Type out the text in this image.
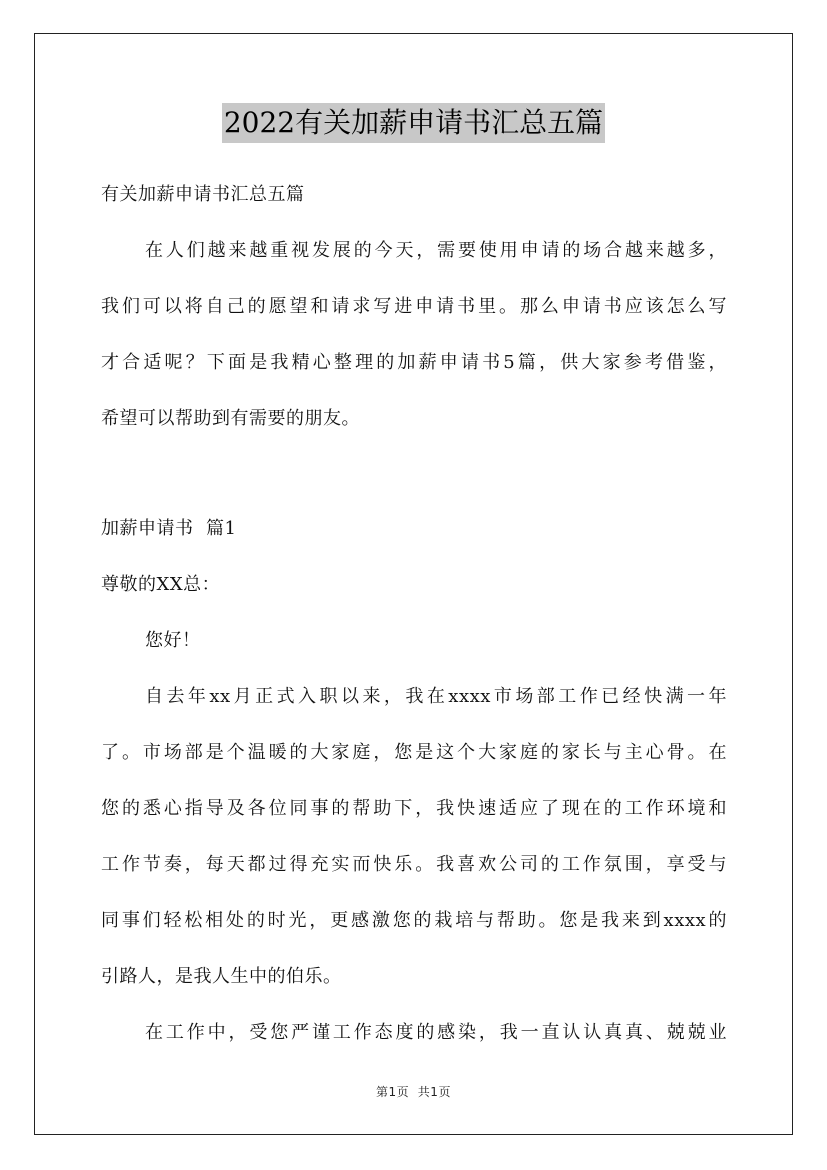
2022有关加薪申请书汇总五篇
有关加薪申请书汇总五篇
在人们越来越重视发展的今天，需要使用申请的场合越来越多，
我们可以将自己的愿望和请求写进申请书里。那么申请书应该怎么写
才合适呢？下面是我精心整理的加薪申请书5篇，供大家参考借鉴，
希望可以帮助到有需要的朋友。
加薪申请书  篇1
尊敬的XX总：
您好！
自去年xx月正式入职以来，我在xxxx市场部工作已经快满一年
了。市场部是个温暖的大家庭，您是这个大家庭的家长与主心骨。在
您的悉心指导及各位同事的帮助下，我快速适应了现在的工作环境和
工作节奏，每天都过得充实而快乐。我喜欢公司的工作氛围，享受与
同事们轻松相处的时光，更感激您的栽培与帮助。您是我来到xxxx的
引路人，是我人生中的伯乐。
在工作中，受您严谨工作态度的感染，我一直认认真真、兢兢业
第1页  共1页
